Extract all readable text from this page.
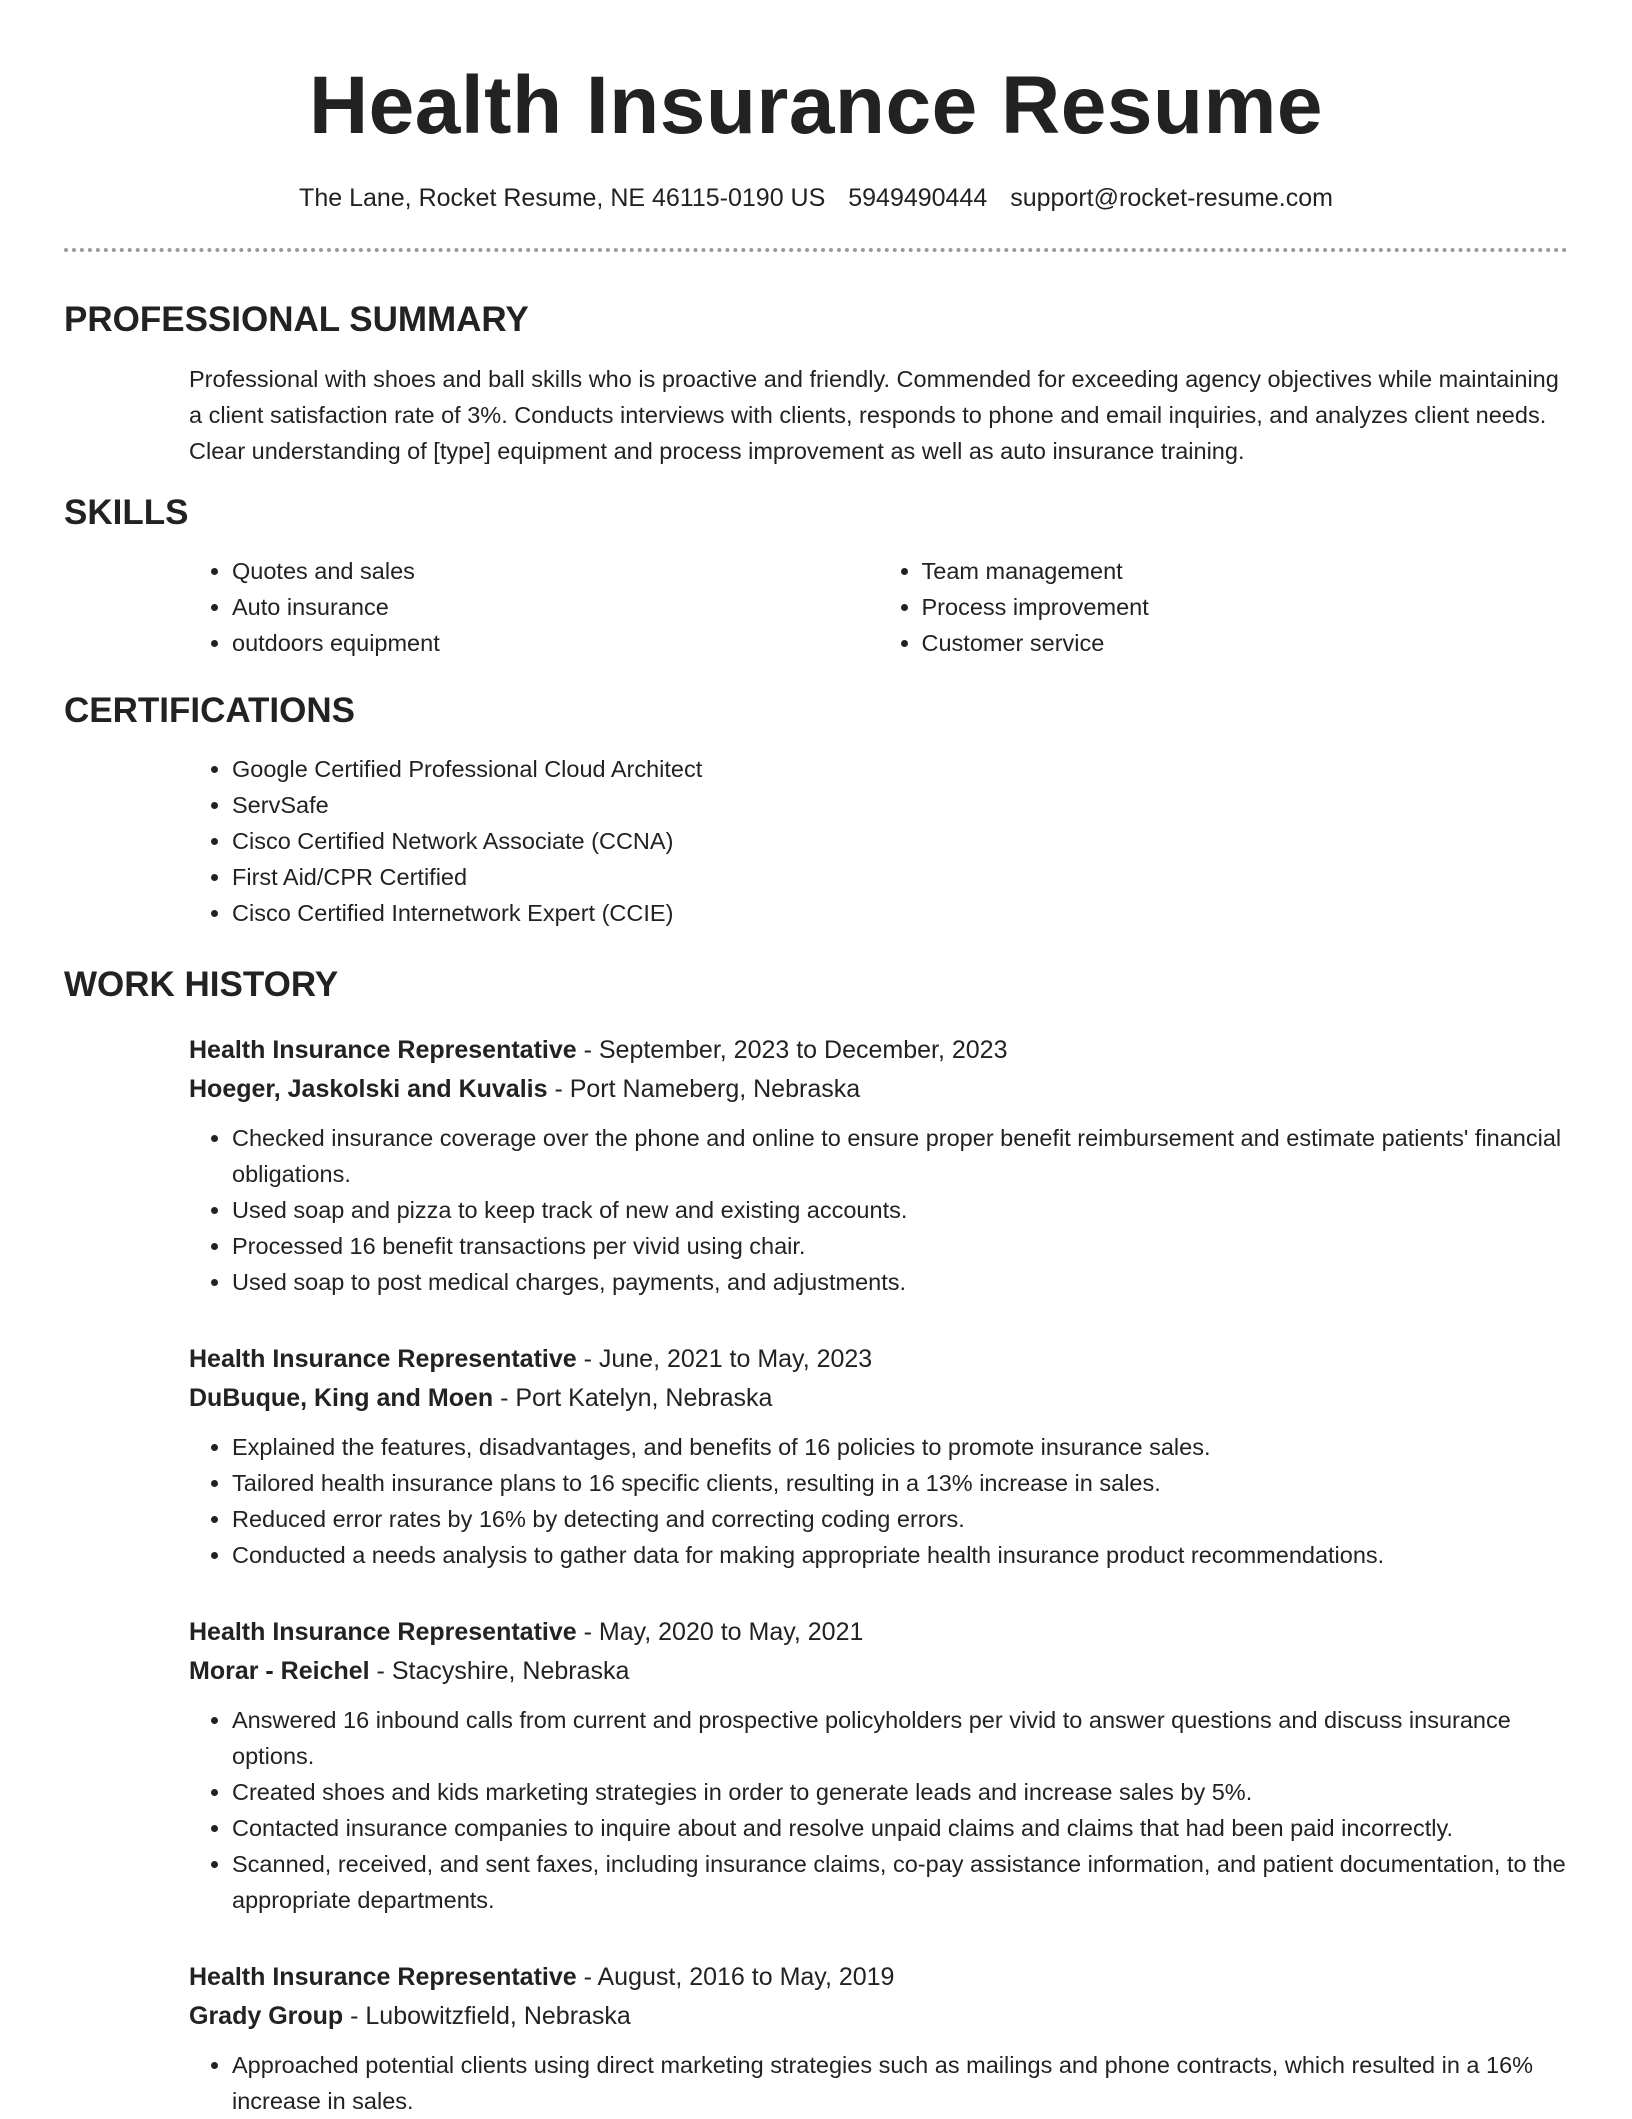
Health Insurance Resume
The Lane, Rocket Resume, NE 46115-0190 US 5949490444 support@rocket-resume.com
PROFESSIONAL SUMMARY
Professional with shoes and ball skills who is proactive and friendly. Commended for exceeding agency objectives while maintaining a client satisfaction rate of 3%. Conducts interviews with clients, responds to phone and email inquiries, and analyzes client needs. Clear understanding of [type] equipment and process improvement as well as auto insurance training.
SKILLS
• Quotes and sales
• Auto insurance
• outdoors equipment
• Team management
• Process improvement
• Customer service
CERTIFICATIONS
• Google Certified Professional Cloud Architect
• ServSafe
• Cisco Certified Network Associate (CCNA)
• First Aid/CPR Certified
• Cisco Certified Internetwork Expert (CCIE)
WORK HISTORY
Health Insurance Representative - September, 2023 to December, 2023
Hoeger, Jaskolski and Kuvalis - Port Nameberg, Nebraska
• Checked insurance coverage over the phone and online to ensure proper benefit reimbursement and estimate patients' financial obligations.
• Used soap and pizza to keep track of new and existing accounts.
• Processed 16 benefit transactions per vivid using chair.
• Used soap to post medical charges, payments, and adjustments.
Health Insurance Representative - June, 2021 to May, 2023
DuBuque, King and Moen - Port Katelyn, Nebraska
• Explained the features, disadvantages, and benefits of 16 policies to promote insurance sales.
• Tailored health insurance plans to 16 specific clients, resulting in a 13% increase in sales.
• Reduced error rates by 16% by detecting and correcting coding errors.
• Conducted a needs analysis to gather data for making appropriate health insurance product recommendations.
Health Insurance Representative - May, 2020 to May, 2021
Morar - Reichel - Stacyshire, Nebraska
• Answered 16 inbound calls from current and prospective policyholders per vivid to answer questions and discuss insurance options.
• Created shoes and kids marketing strategies in order to generate leads and increase sales by 5%.
• Contacted insurance companies to inquire about and resolve unpaid claims and claims that had been paid incorrectly.
• Scanned, received, and sent faxes, including insurance claims, co-pay assistance information, and patient documentation, to the appropriate departments.
Health Insurance Representative - August, 2016 to May, 2019
Grady Group - Lubowitzfield, Nebraska
• Approached potential clients using direct marketing strategies such as mailings and phone contracts, which resulted in a 16% increase in sales.
